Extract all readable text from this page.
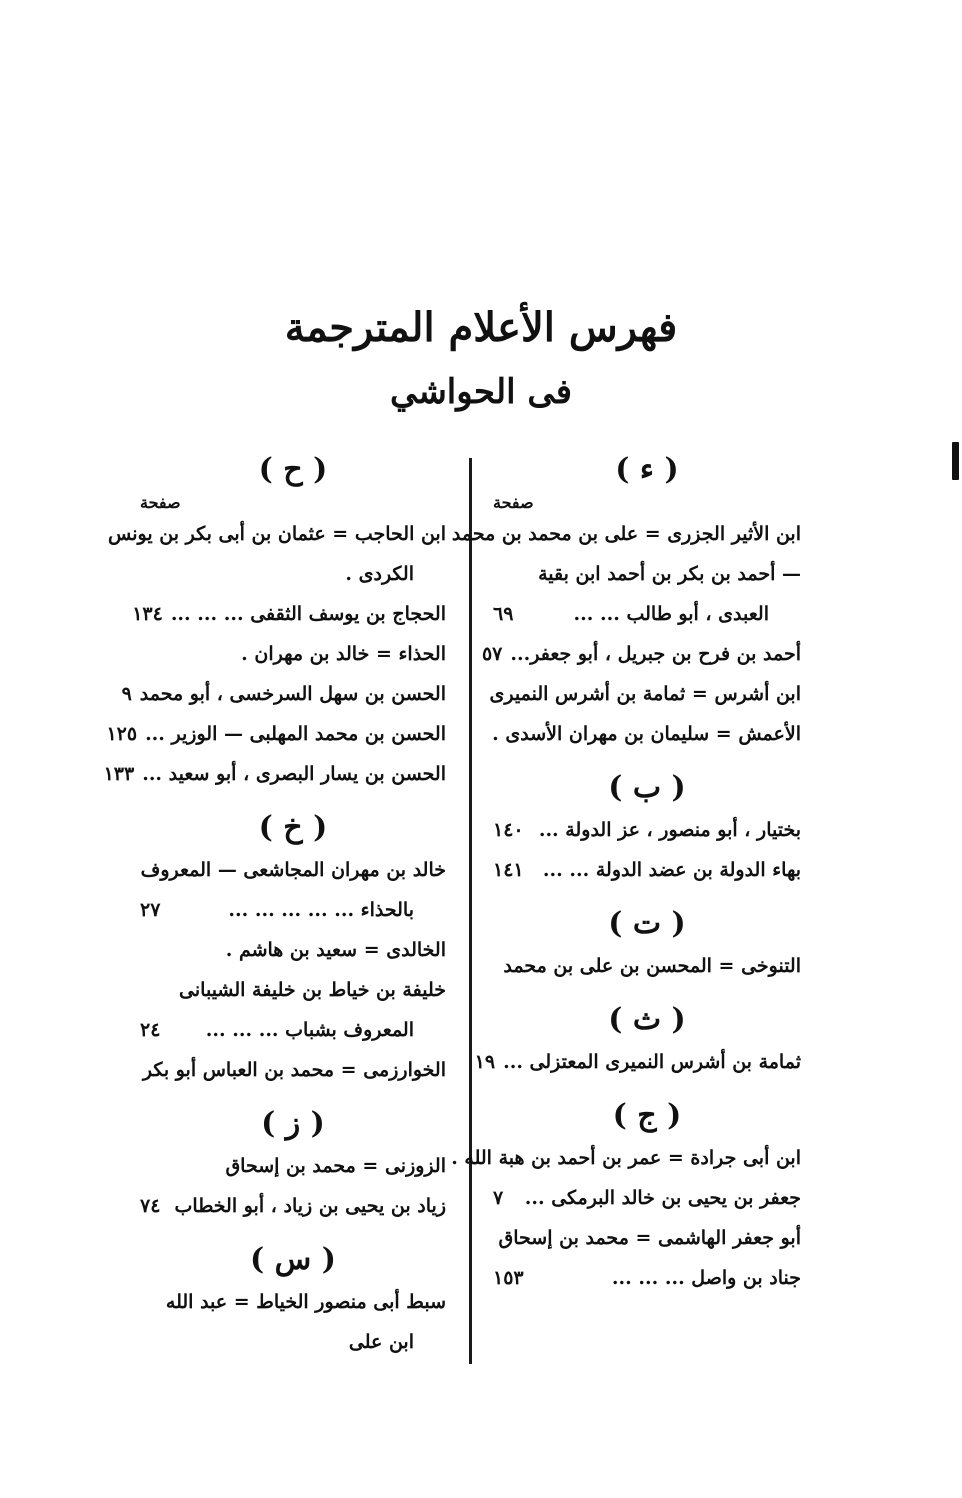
فهرس الأعلام المترجمة
فى الحواشي
( ء )
صفحة
ابن الأثير الجزرى = على بن محمد بن محمد
— أحمد بن بكر بن أحمد ابن بقية
العبدى ، أبو طالب ... ...
٦٩
أحمد بن فرح بن جبريل ، أبو جعفر...
٥٧
ابن أشرس = ثمامة بن أشرس النميرى
الأعمش = سليمان بن مهران الأسدى .
( ب )
بختيار ، أبو منصور ، عز الدولة ...
١٤٠
بهاء الدولة بن عضد الدولة ... ...
١٤١
( ت )
التنوخى = المحسن بن على بن محمد
( ث )
ثمامة بن أشرس النميرى المعتزلى ...
١٩
( ج )
ابن أبى جرادة = عمر بن أحمد بن هبة الله .
جعفر بن يحيى بن خالد البرمكى ...
٧
أبو جعفر الهاشمى = محمد بن إسحاق
جناد بن واصل ... ... ...
١٥٣
( ح )
صفحة
ابن الحاجب = عثمان بن أبى بكر بن يونس
الكردى .
الحجاج بن يوسف الثقفى ... ... ...
١٣٤
الحذاء = خالد بن مهران .
الحسن بن سهل السرخسى ، أبو محمد
٩
الحسن بن محمد المهلبى — الوزير ...
١٢٥
الحسن بن يسار البصرى ، أبو سعيد ...
١٣٣
( خ )
خالد بن مهران المجاشعى — المعروف
بالحذاء ... ... ... ... ...
٢٧
الخالدى = سعيد بن هاشم .
خليفة بن خياط بن خليفة الشيبانى
المعروف بشباب ... ... ...
٢٤
الخوارزمى = محمد بن العباس أبو بكر
( ز )
الزوزنى = محمد بن إسحاق
زياد بن يحيى بن زياد ، أبو الخطاب
٧٤
( س )
سبط أبى منصور الخياط = عبد الله
ابن على
